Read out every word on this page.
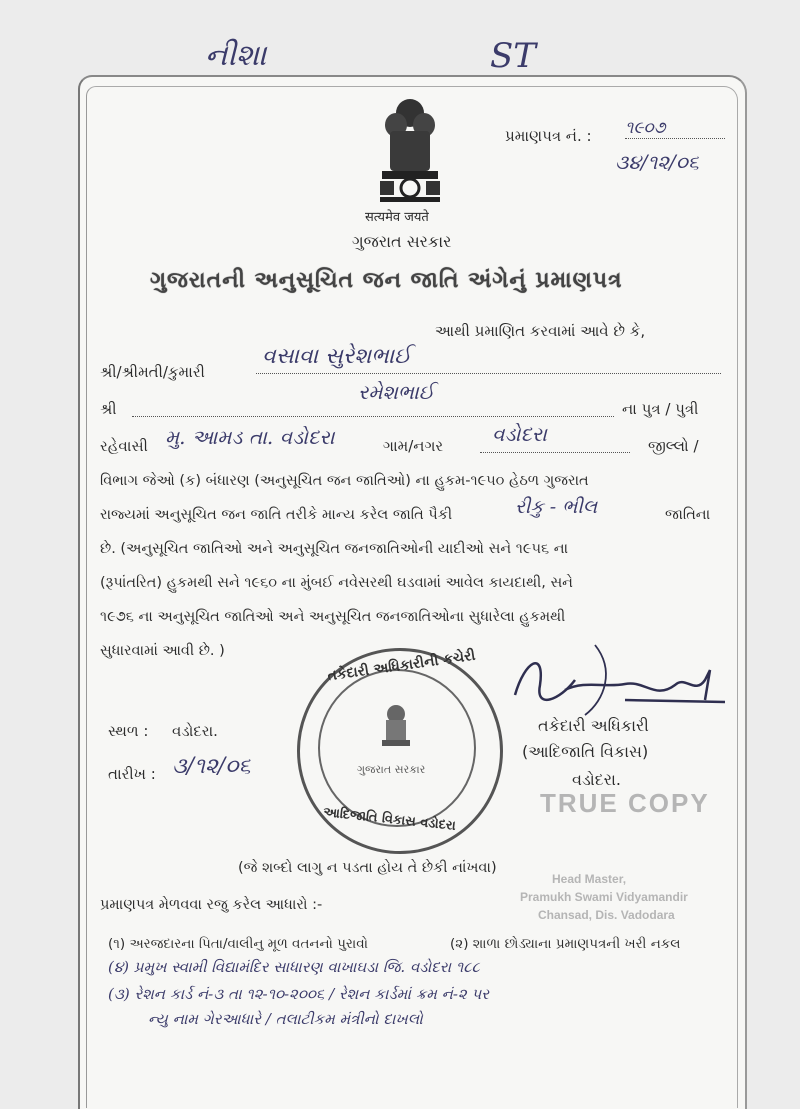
નીશા	ST
सत्यमेव जयते
ગુજરાત સરકાર
પ્રમાણપત્ર નં. : ૧૯૦૭
૩૪/૧૨/૦૬
ગુજરાતની અનુસૂચિત જન જાતિ અંગેનું પ્રમાણપત્ર
આથી પ્રમાણિત કરવામાં આવે છે કે,
શ્રી/શ્રીમતી/કુમારી
વસાવા સુરેશભાઈ
શ્રી
રમેશભાઈ
ના પુત્ર / પુત્રી
રહેવાસી મુ. આમડ તા. વડોદરા	ગામ/નગર વડોદરા	જીલ્લો /
વિભાગ જેઓ (ક) બંધારણ (અનુસૂચિત જન જાતિઓ) ના હુકમ-૧૯૫૦ હેઠળ ગુજરાત
રાજ્યમાં અનુસૂચિત જન જાતિ તરીકે માન્ય કરેલ જાતિ પૈકી	રીકુ - ભીલ	જાતિના
છે. (અનુસૂચિત જાતિઓ અને અનુસૂચિત જનજાતિઓની યાદીઓ સને ૧૯૫૬ ના
(રૂપાંતરિત) હુકમથી સને ૧૯૬૦ ના મુંબઈ નવેસરથી ઘડવામાં આવેલ કાયદાથી, સને
૧૯૭૬ ના અનુસૂચિત જાતિઓ અને અનુસૂચિત જનજાતિઓના સુધારેલા હુકમથી
સુધારવામાં આવી છે. )	તકેદારી અધિકારીની કચેરી
ગુજરાત સરકાર
આદિજાતિ વિકાસ વડોદરા
સ્થળ : વડોદરા.
તારીખ : ૩/૧૨/૦૬
તકેદારી અધિકારી
(આદિજાતિ વિકાસ)
વડોદરા.
TRUE COPY
Head Master,
Pramukh Swami Vidyamandir
Chansad, Dis. Vadodara
(જે શબ્દો લાગુ ન પડતા હોય તે છેકી નાંખવા)
પ્રમાણપત્ર મેળવવા રજુ કરેલ આધારો :-
(૧) અરજદારના પિતા/વાલીનુ મૂળ વતનનો પુરાવો	(૨) શાળા છોડ્યાના પ્રમાણપત્રની ખરી નકલ
(૪) પ્રમુખ સ્વામી વિદ્યામંદિર સાધારણ વાખાઘડા જિ. વડોદરા ૧૮૮
(૩) રેશન કાર્ડ નં-૩ તા ૧૨-૧૦-૨૦૦૬ / રેશન કાર્ડમાં ક્રમ નં-૨ પર
ન્યુ નામ ગેરઆધારે / તલાટીકમ મંત્રીનો દાખલો
